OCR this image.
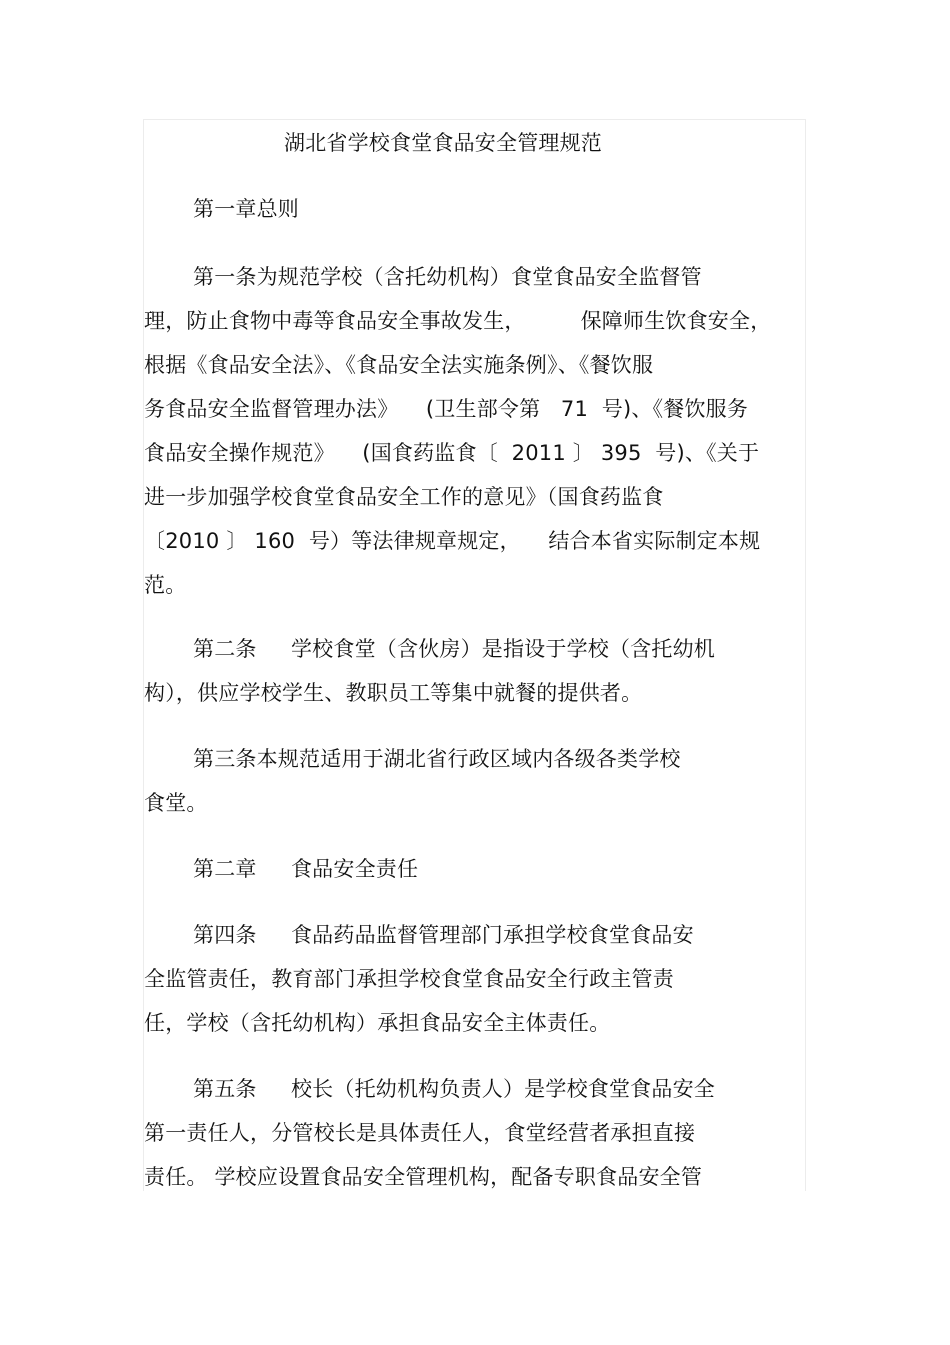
湖北省学校食堂食品安全管理规范
第一章总则
第一条为规范学校（含托幼机构）食堂食品安全监督管
理，防止食物中毒等食品安全事故发生，        保障师生饮食安全，
根据《食品安全法》、《食品安全法实施条例》、《餐饮服
务食品安全监督管理办法》    (卫生部令第   71  号)、《餐饮服务
食品安全操作规范》    (国食药监食〔  2011 〕 395  号)、《关于
进一步加强学校食堂食品安全工作的意见》（国食药监食
〔2010 〕 160  号）等法律规章规定，    结合本省实际制定本规
范。
第二条     学校食堂（含伙房）是指设于学校（含托幼机
构），供应学校学生、教职员工等集中就餐的提供者。
第三条本规范适用于湖北省行政区域内各级各类学校
食堂。
第二章     食品安全责任
第四条     食品药品监督管理部门承担学校食堂食品安
全监管责任，教育部门承担学校食堂食品安全行政主管责
任，学校（含托幼机构）承担食品安全主体责任。
第五条     校长（托幼机构负责人）是学校食堂食品安全
第一责任人，分管校长是具体责任人，食堂经营者承担直接
责任。 学校应设置食品安全管理机构，配备专职食品安全管
